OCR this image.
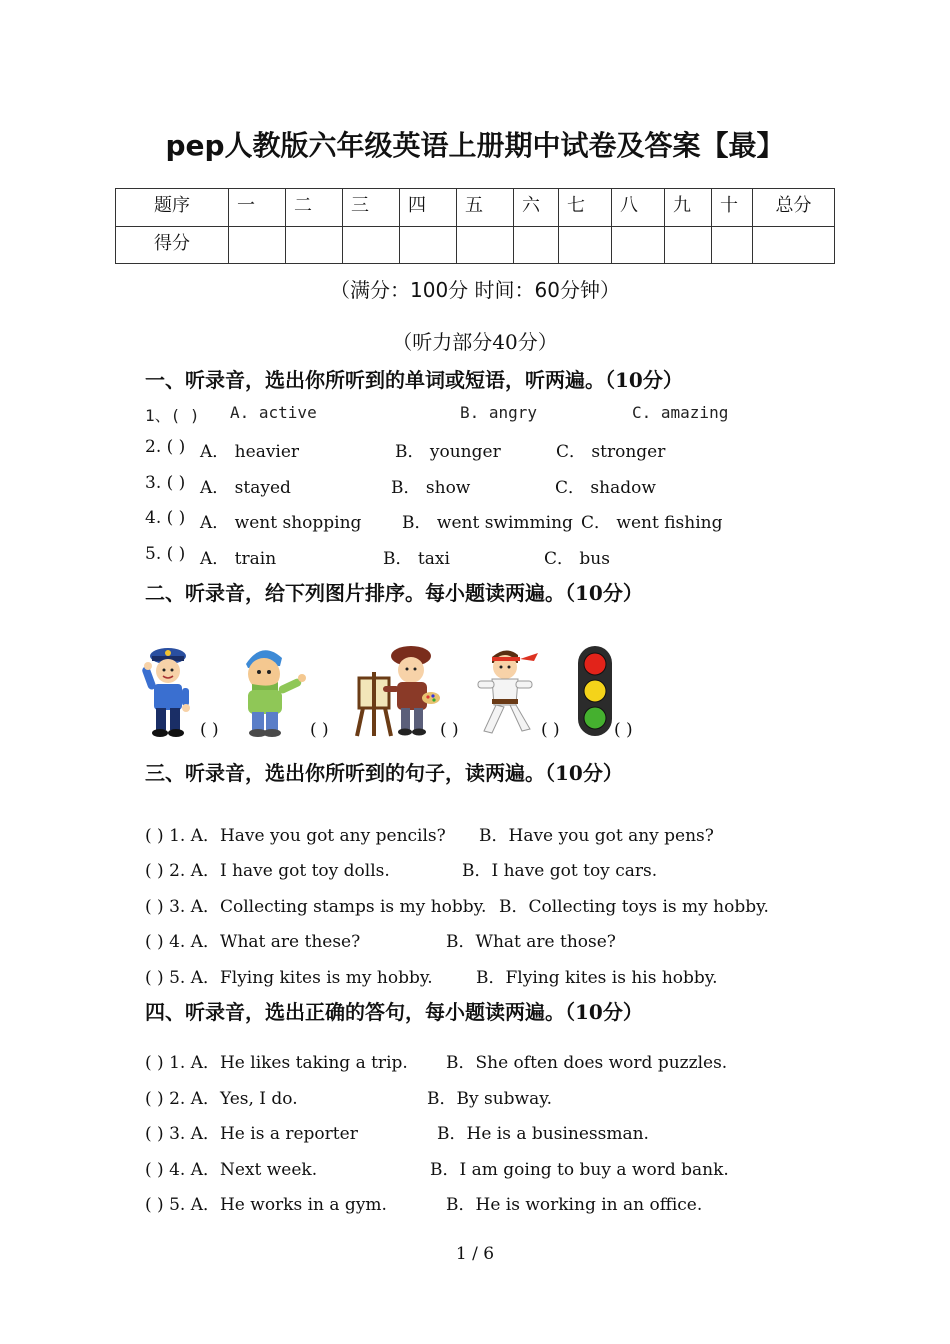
pep人教版六年级英语上册期中试卷及答案【最】
题序	一	二	三	四	五	六	七	八	九	十	总分
得分											
（满分：100分 时间：60分钟）
（听力部分40分）
一、听录音，选出你所听到的单词或短语，听两遍。（10分）
1、( ) A. active	B. angry	C. amazing
2. ( ) A． heavier	B． younger	C． stronger
3. ( ) A． stayed	B． show	C． shadow
4. ( ) A． went shopping B． went swimming C． went fishing
5. ( ) A． train	B． taxi	C． bus
二、听录音，给下列图片排序。每小题读两遍。（10分）
( )	( )	( )	( )	( )
三、听录音，选出你所听到的句子，读两遍。（10分）
( ) 1. A．Have you got any pencils? B．Have you got any pens?
( ) 2. A．I have got toy dolls.	B．I have got toy cars.
( ) 3. A．Collecting stamps is my hobby. B．Collecting toys is my hobby.
( ) 4. A．What are these?	B．What are those?
( ) 5. A．Flying kites is my hobby.	B．Flying kites is his hobby.
四、听录音，选出正确的答句，每小题读两遍。（10分）
( ) 1. A．He likes taking a trip. B．She often does word puzzles.
( ) 2. A．Yes, I do.	B．By subway.
( ) 3. A．He is a reporter	B．He is a businessman.
( ) 4. A．Next week.	B．I am going to buy a word bank.
( ) 5. A．He works in a gym.	B．He is working in an office.
1 / 6
